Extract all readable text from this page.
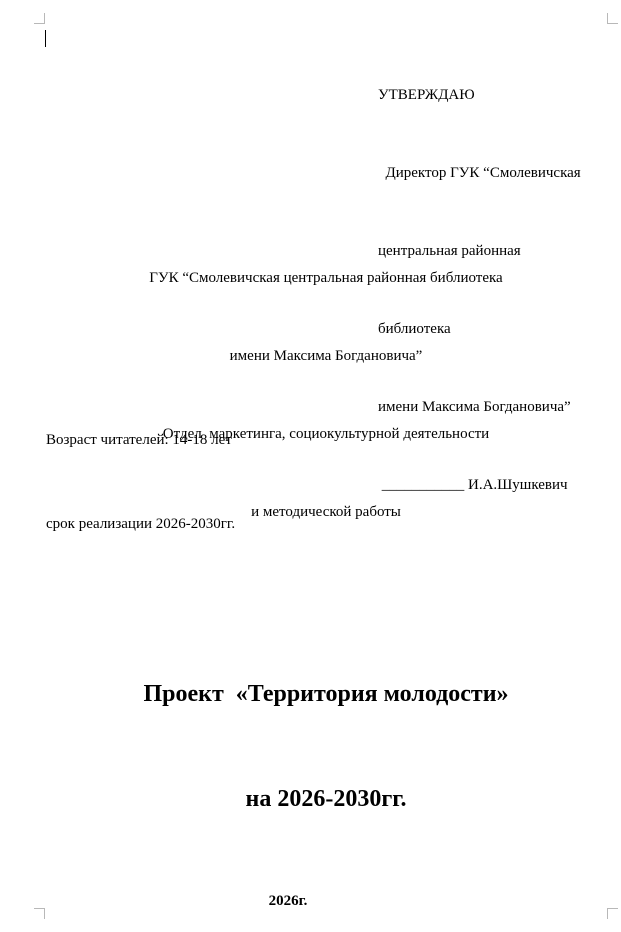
УТВЕРЖДАЮ

Директор ГУК “Смолевичская

центральная районная

библиотека

имени Максима Богдановича”

___________ И.А.Шушкевич

ГУК “Смолевичская центральная районная библиотека

имени Максима Богдановича”

Отдел  маркетинга, социокультурной деятельности

и методической работы

Возраст читателей: 14-18 лет

срок реализации 2026-2030гг.

Проект  «Территория молодости»

на 2026-2030гг.

2026г.
